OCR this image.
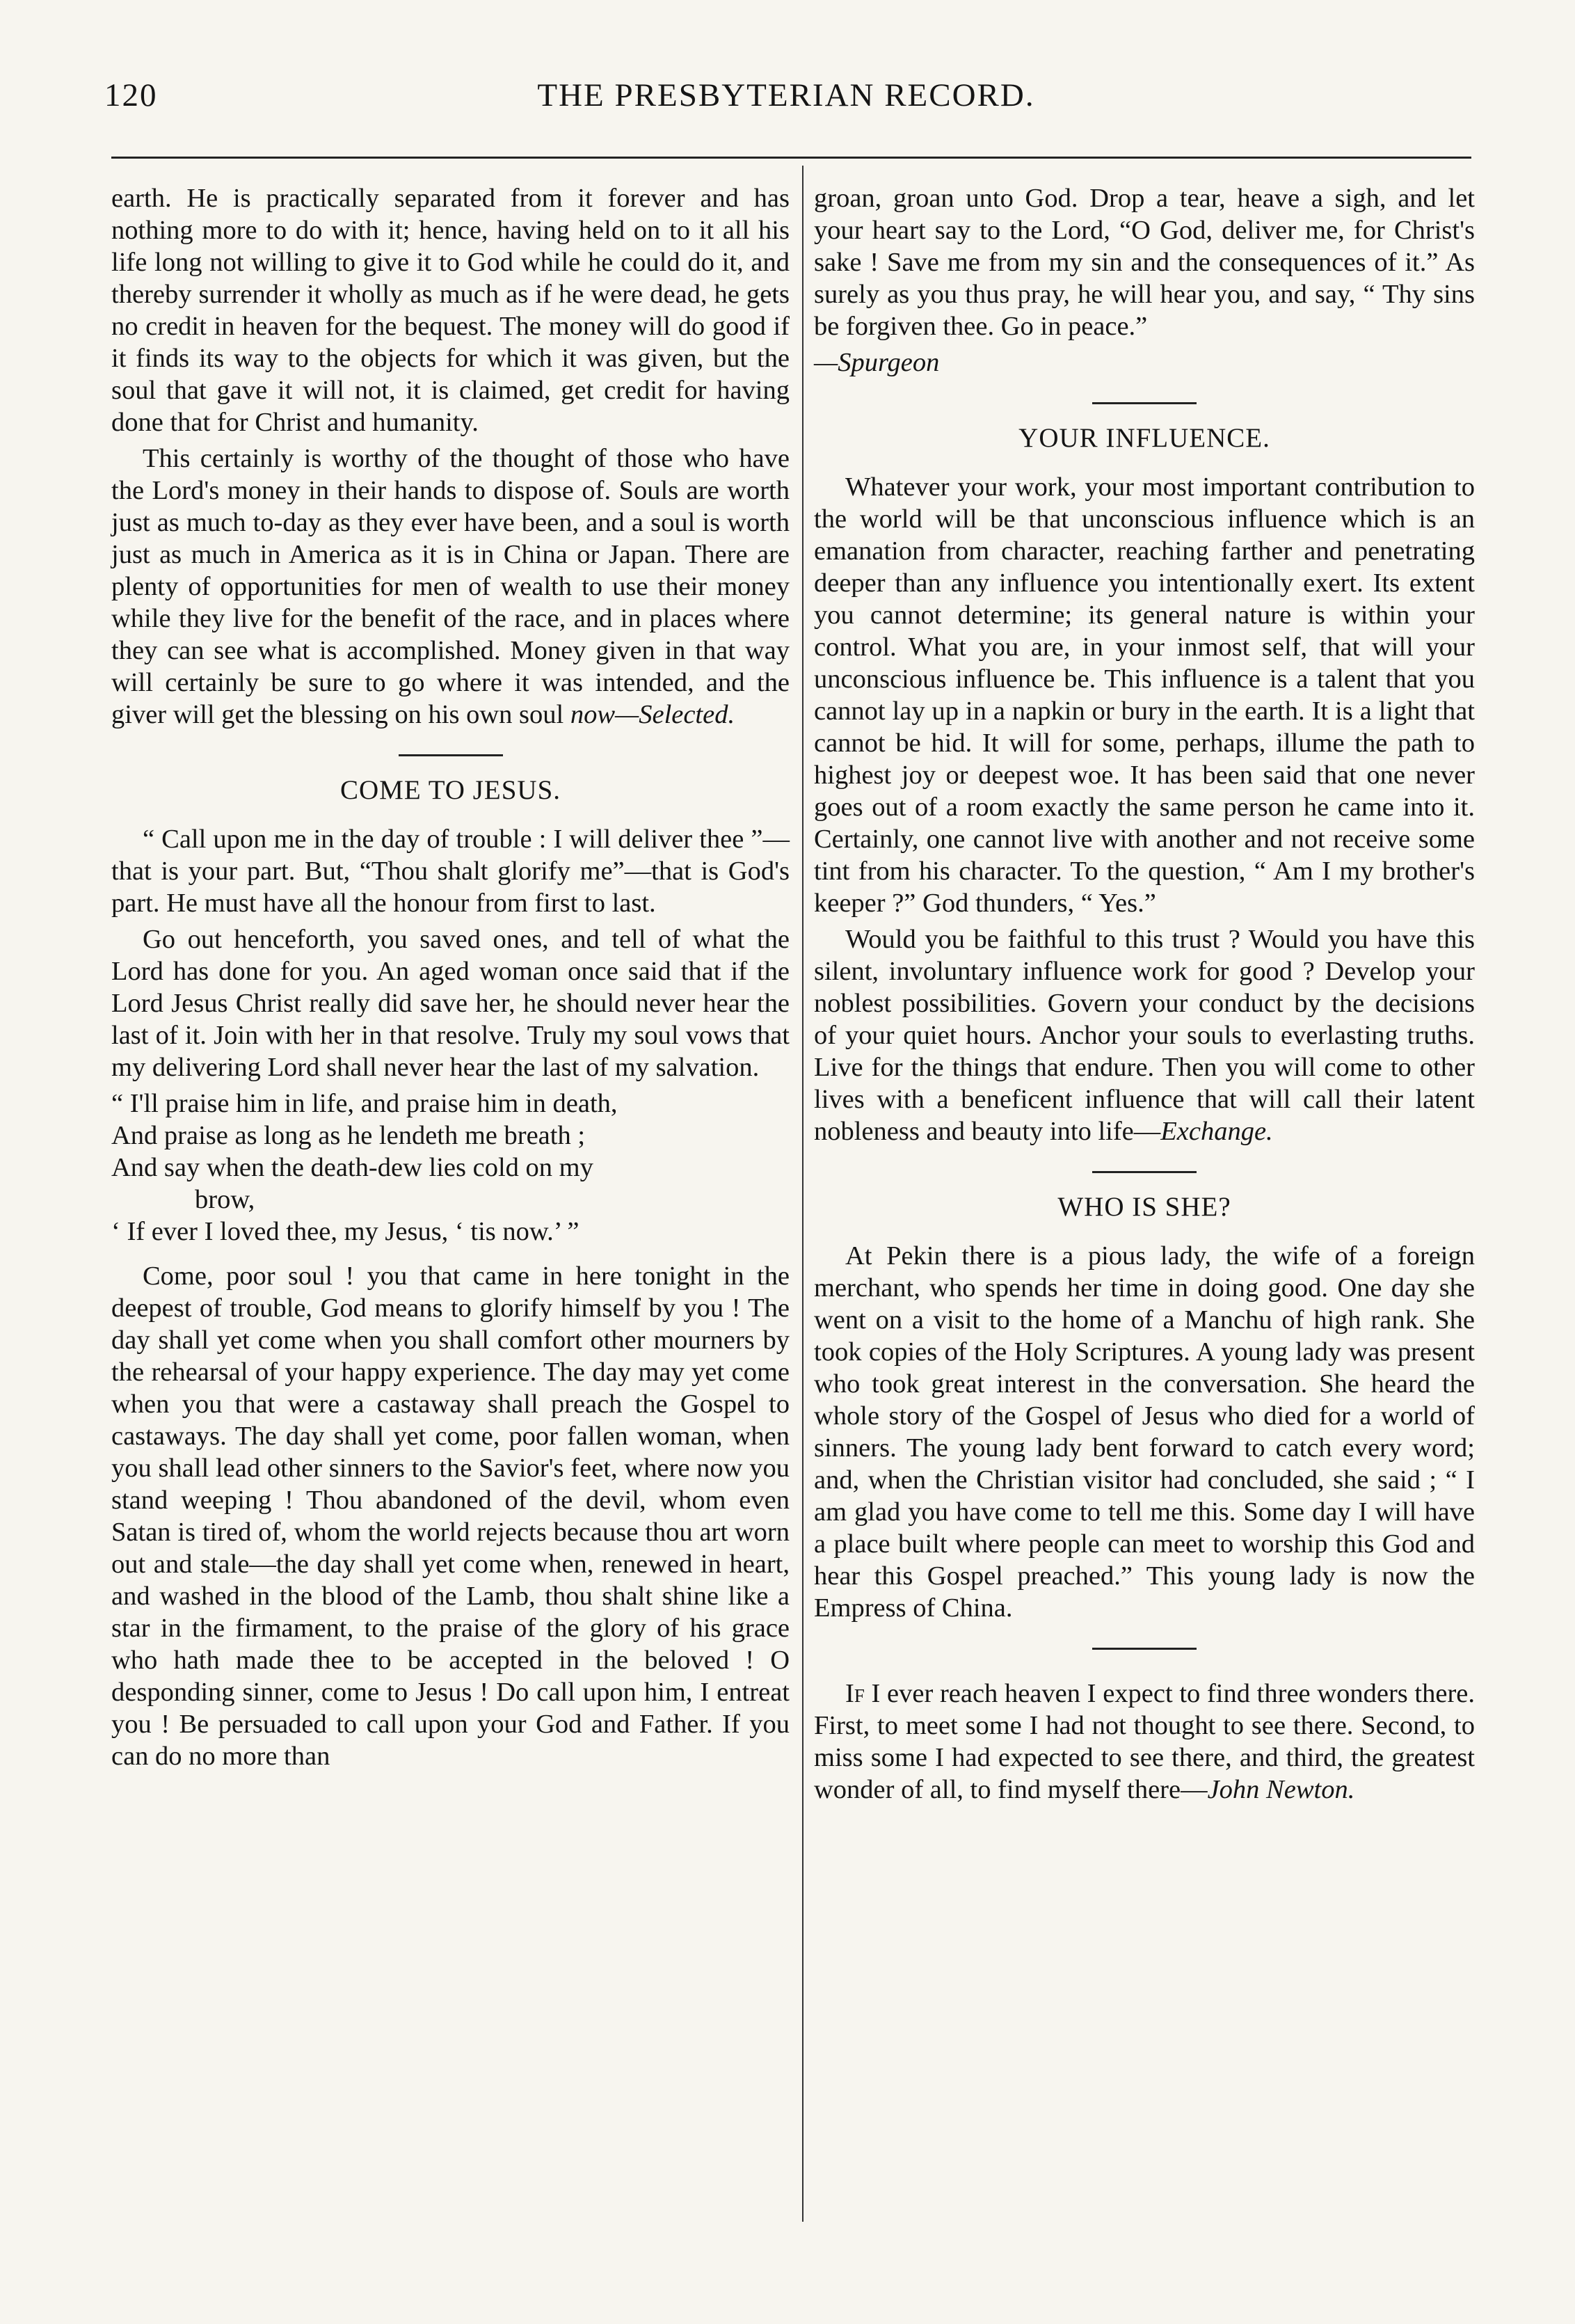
120	THE PRESBYTERIAN RECORD.

earth. He is practically separated from it forever and has nothing more to do with it; hence, having held on to it all his life long not willing to give it to God while he could do it, and thereby surrender it wholly as much as if he were dead, he gets no credit in heaven for the bequest. The money will do good if it finds its way to the objects for which it was given, but the soul that gave it will not, it is claimed, get credit for having done that for Christ and humanity.

This certainly is worthy of the thought of those who have the Lord's money in their hands to dispose of. Souls are worth just as much to-day as they ever have been, and a soul is worth just as much in America as it is in China or Japan. There are plenty of opportunities for men of wealth to use their money while they live for the benefit of the race, and in places where they can see what is accomplished. Money given in that way will certainly be sure to go where it was intended, and the giver will get the blessing on his own soul now—Selected.

COME TO JESUS.

“ Call upon me in the day of trouble : I will deliver thee ”—that is your part. But, “Thou shalt glorify me”—that is God's part. He must have all the honour from first to last.

Go out henceforth, you saved ones, and tell of what the Lord has done for you. An aged woman once said that if the Lord Jesus Christ really did save her, he should never hear the last of it. Join with her in that resolve. Truly my soul vows that my delivering Lord shall never hear the last of my salvation.

“ I'll praise him in life, and praise him in death,
And praise as long as he lendeth me breath ;
And say when the death-dew lies cold on my
brow,
‘ If ever I loved thee, my Jesus, ‘ tis now.’ ”

Come, poor soul ! you that came in here tonight in the deepest of trouble, God means to glorify himself by you ! The day shall yet come when you shall comfort other mourners by the rehearsal of your happy experience. The day may yet come when you that were a castaway shall preach the Gospel to castaways. The day shall yet come, poor fallen woman, when you shall lead other sinners to the Savior's feet, where now you stand weeping ! Thou abandoned of the devil, whom even Satan is tired of, whom the world rejects because thou art worn out and stale—the day shall yet come when, renewed in heart, and washed in the blood of the Lamb, thou shalt shine like a star in the firmament, to the praise of the glory of his grace who hath made thee to be accepted in the beloved ! O desponding sinner, come to Jesus ! Do call upon him, I entreat you ! Be persuaded to call upon your God and Father. If you can do no more than

groan, groan unto God. Drop a tear, heave a sigh, and let your heart say to the Lord, “O God, deliver me, for Christ's sake ! Save me from my sin and the consequences of it.” As surely as you thus pray, he will hear you, and say, “ Thy sins be forgiven thee. Go in peace.”

—Spurgeon

YOUR INFLUENCE.

Whatever your work, your most important contribution to the world will be that unconscious influence which is an emanation from character, reaching farther and penetrating deeper than any influence you intentionally exert. Its extent you cannot determine; its general nature is within your control. What you are, in your inmost self, that will your unconscious influence be. This influence is a talent that you cannot lay up in a napkin or bury in the earth. It is a light that cannot be hid. It will for some, perhaps, illume the path to highest joy or deepest woe. It has been said that one never goes out of a room exactly the same person he came into it. Certainly, one cannot live with another and not receive some tint from his character. To the question, “ Am I my brother's keeper ?” God thunders, “ Yes.”

Would you be faithful to this trust ? Would you have this silent, involuntary influence work for good ? Develop your noblest possibilities. Govern your conduct by the decisions of your quiet hours. Anchor your souls to everlasting truths. Live for the things that endure. Then you will come to other lives with a beneficent influence that will call their latent nobleness and beauty into life—Exchange.

WHO IS SHE?

At Pekin there is a pious lady, the wife of a foreign merchant, who spends her time in doing good. One day she went on a visit to the home of a Manchu of high rank. She took copies of the Holy Scriptures. A young lady was present who took great interest in the conversation. She heard the whole story of the Gospel of Jesus who died for a world of sinners. The young lady bent forward to catch every word; and, when the Christian visitor had concluded, she said ; “ I am glad you have come to tell me this. Some day I will have a place built where people can meet to worship this God and hear this Gospel preached.” This young lady is now the Empress of China.

If I ever reach heaven I expect to find three wonders there. First, to meet some I had not thought to see there. Second, to miss some I had expected to see there, and third, the greatest wonder of all, to find myself there—John Newton.
